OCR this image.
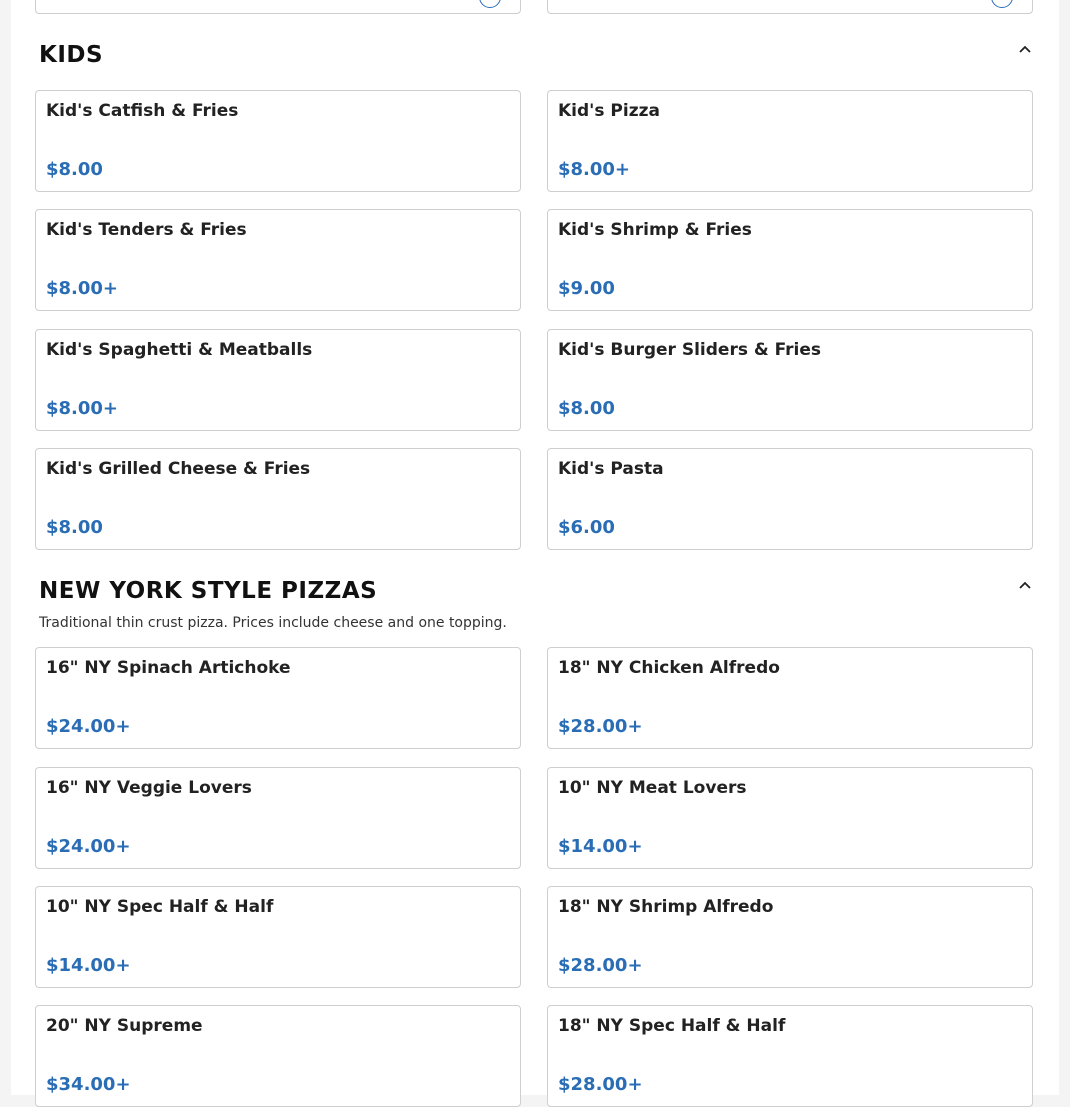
KIDS
Kid's Catfish & Fries
$8.00
Kid's Pizza
$8.00+
Kid's Tenders & Fries
$8.00+
Kid's Shrimp & Fries
$9.00
Kid's Spaghetti & Meatballs
$8.00+
Kid's Burger Sliders & Fries
$8.00
Kid's Grilled Cheese & Fries
$8.00
Kid's Pasta
$6.00
NEW YORK STYLE PIZZAS
Traditional thin crust pizza. Prices include cheese and one topping.
16" NY Spinach Artichoke
$24.00+
18" NY Chicken Alfredo
$28.00+
16" NY Veggie Lovers
$24.00+
10" NY Meat Lovers
$14.00+
10" NY Spec Half & Half
$14.00+
18" NY Shrimp Alfredo
$28.00+
20" NY Supreme
$34.00+
18" NY Spec Half & Half
$28.00+
